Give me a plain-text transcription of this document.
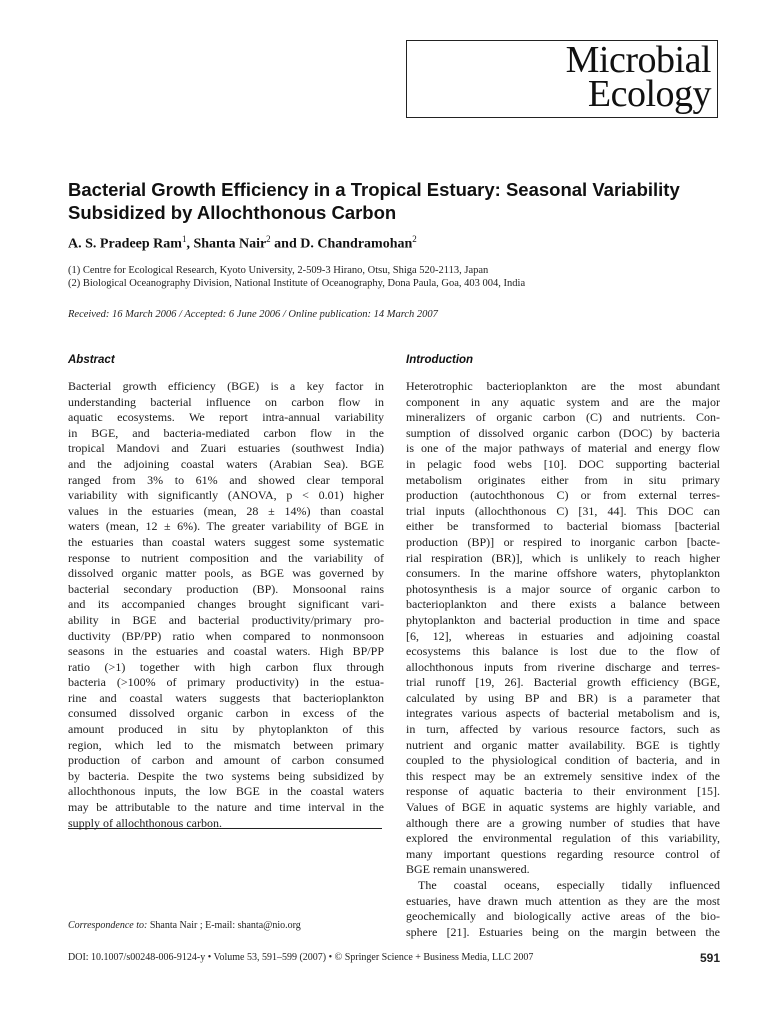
Microbial
Ecology
Bacterial Growth Efficiency in a Tropical Estuary: Seasonal Variability Subsidized by Allochthonous Carbon
A. S. Pradeep Ram$^1$, Shanta Nair$^2$ and D. Chandramohan$^2$
(1) Centre for Ecological Research, Kyoto University, 2-509-3 Hirano, Otsu, Shiga 520-2113, Japan
(2) Biological Oceanography Division, National Institute of Oceanography, Dona Paula, Goa, 403 004, India
Received: 16 March 2006 / Accepted: 6 June 2006 / Online publication: 14 March 2007
Abstract

Bacterial growth efficiency (BGE) is a key factor in
understanding bacterial influence on carbon flow in
aquatic ecosystems. We report intra-annual variability
in BGE, and bacteria-mediated carbon flow in the
tropical Mandovi and Zuari estuaries (southwest India)
and the adjoining coastal waters (Arabian Sea). BGE
ranged from 3% to 61% and showed clear temporal
variability with significantly (ANOVA, p < 0.01) higher
values in the estuaries (mean, 28 ± 14%) than coastal
waters (mean, 12 ± 6%). The greater variability of BGE in
the estuaries than coastal waters suggest some systematic
response to nutrient composition and the variability of
dissolved organic matter pools, as BGE was governed by
bacterial secondary production (BP). Monsoonal rains
and its accompanied changes brought significant vari-
ability in BGE and bacterial productivity/primary pro-
ductivity (BP/PP) ratio when compared to nonmonsoon
seasons in the estuaries and coastal waters. High BP/PP
ratio (>1) together with high carbon flux through
bacteria (>100% of primary productivity) in the estua-
rine and coastal waters suggests that bacterioplankton
consumed dissolved organic carbon in excess of the
amount produced in situ by phytoplankton of this
region, which led to the mismatch between primary
production of carbon and amount of carbon consumed
by bacteria. Despite the two systems being subsidized by
allochthonous inputs, the low BGE in the coastal waters
may be attributable to the nature and time interval in the
supply of allochthonous carbon.

Introduction

Heterotrophic bacterioplankton are the most abundant
component in any aquatic system and are the major
mineralizers of organic carbon (C) and nutrients. Con-
sumption of dissolved organic carbon (DOC) by bacteria
is one of the major pathways of material and energy flow
in pelagic food webs [10]. DOC supporting bacterial
metabolism originates either from in situ primary
production (autochthonous C) or from external terres-
trial inputs (allochthonous C) [31, 44]. This DOC can
either be transformed to bacterial biomass [bacterial
production (BP)] or respired to inorganic carbon [bacte-
rial respiration (BR)], which is unlikely to reach higher
consumers. In the marine offshore waters, phytoplankton
photosynthesis is a major source of organic carbon to
bacterioplankton and there exists a balance between
phytoplankton and bacterial production in time and space
[6, 12], whereas in estuaries and adjoining coastal
ecosystems this balance is lost due to the flow of
allochthonous inputs from riverine discharge and terres-
trial runoff [19, 26]. Bacterial growth efficiency (BGE,
calculated by using BP and BR) is a parameter that
integrates various aspects of bacterial metabolism and is,
in turn, affected by various resource factors, such as
nutrient and organic matter availability. BGE is tightly
coupled to the physiological condition of bacteria, and in
this respect may be an extremely sensitive index of the
response of aquatic bacteria to their environment [15].
Values of BGE in aquatic systems are highly variable, and
although there are a growing number of studies that have
explored the environmental regulation of this variability,
many important questions regarding resource control of
BGE remain unanswered.
The coastal oceans, especially tidally influenced
estuaries, have drawn much attention as they are the most
geochemically and biologically active areas of the bio-
sphere [21]. Estuaries being on the margin between the

Correspondence to: Shanta Nair ; E-mail: shanta@nio.org
DOI: 10.1007/s00248-006-9124-y • Volume 53, 591–599 (2007) • © Springer Science + Business Media, LLC 2007	591
